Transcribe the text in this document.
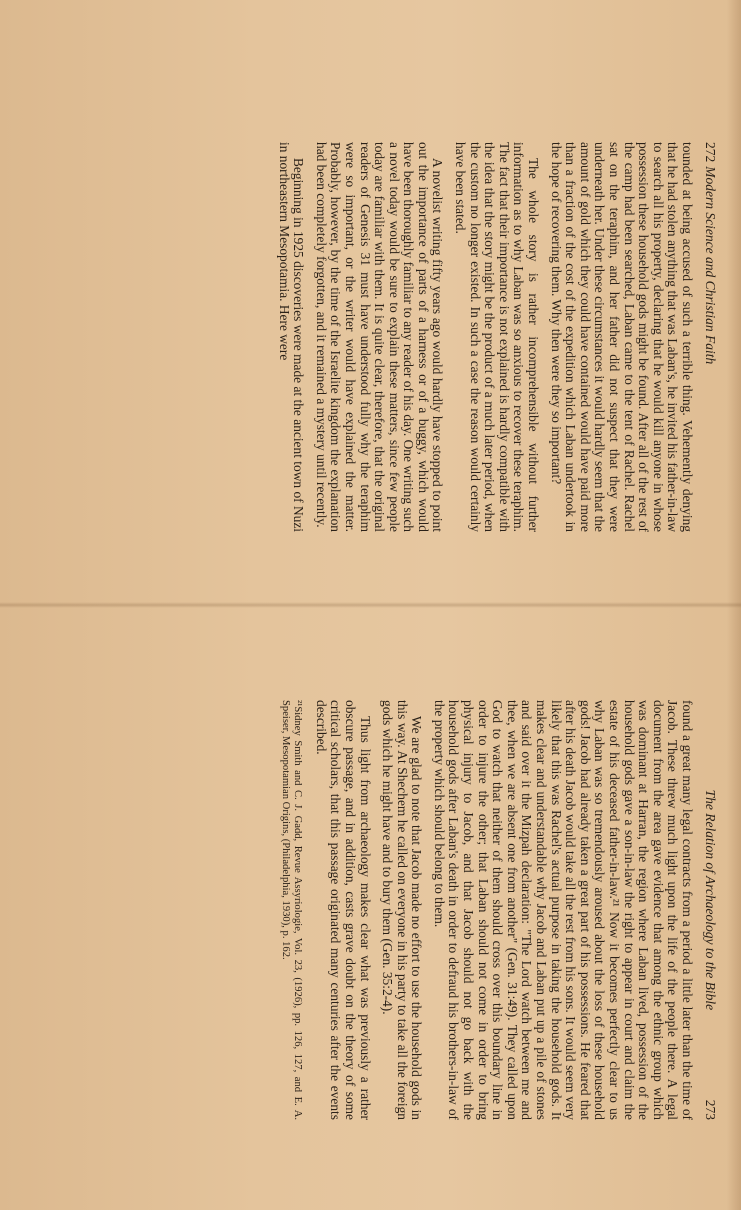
272
Modern Science and Christian Faith

tounded at being accused of such a terrible thing. Vehemently denying that he had stolen anything that was Laban's, he invited his father-in-law to search all his property, declaring that he would kill anyone in whose possession these household gods might be found. After all of the rest of the camp had been searched, Laban came to the tent of Rachel. Rachel sat on the teraphim, and her father did not suspect that they were underneath her. Under these circumstances it would hardly seem that the amount of gold which they could have contained would have paid more than a fraction of the cost of the expedition which Laban undertook in the hope of recovering them. Why then were they so important?

The whole story is rather incomprehensible without further information as to why Laban was so anxious to recover these teraphim. The fact that their importance is not explained is hardly compatible with the idea that the story might be the product of a much later period, when the custom no longer existed. In such a case the reason would certainly have been stated.

A novelist writing fifty years ago would hardly have stopped to point out the importance of parts of a harness or of a buggy, which would have been thoroughly familiar to any reader of his day. One writing such a novel today would be sure to explain these matters, since few people today are familiar with them. It is quite clear, therefore, that the original readers of Genesis 31 must have understood fully why the teraphim were so important, or the writer would have explained the matter. Probably, however, by the time of the Israelite kingdom the explanation had been completely forgotten, and it remained a mystery until recently.

Beginning in 1925 discoveries were made at the ancient town of Nuzi in northeastern Mesopotamia. Here were

The Relation of Archaeology to the Bible
273

found a great many legal contracts from a period a little later than the time of Jacob. These threw much light upon the life of the people there. A legal document from the area gave evidence that among the ethnic group which was dominant at Harran, the region where Laban lived, possession of the household gods gave a son-in-law the right to appear in court and claim the estate of his deceased father-in-law.²¹ Now it becomes perfectly clear to us why Laban was so tremendously aroused about the loss of these household gods! Jacob had already taken a great part of his possessions. He feared that after his death Jacob would take all the rest from his sons. It would seem very likely that this was Rachel's actual purpose in taking the household gods. It makes clear and understandable why Jacob and Laban put up a pile of stones and said over it the Mizpah declaration: "The Lord watch between me and thee, when we are absent one from another" (Gen. 31:49). They called upon God to watch that neither of them should cross over this boundary line in order to injure the other; that Laban should not come in order to bring physical injury to Jacob, and that Jacob should not go back with the household gods after Laban's death in order to defraud his brothers-in-law of the property which should belong to them.

We are glad to note that Jacob made no effort to use the household gods in this way. At Shechem he called on everyone in his party to take all the foreign gods which he might have and to bury them (Gen. 35:2-4).

Thus light from archaeology makes clear what was previously a rather obscure passage, and in addition, casts grave doubt on the theory of some critical scholars, that this passage originated many centuries after the events described.

²¹Sidney Smith and C. J. Gadd, Revue Assyriologie, Vol. 23, (1926), pp. 126, 127, and E. A. Speiser, Mesopotamian Origins, (Philadelphia, 1930), p. 162.
